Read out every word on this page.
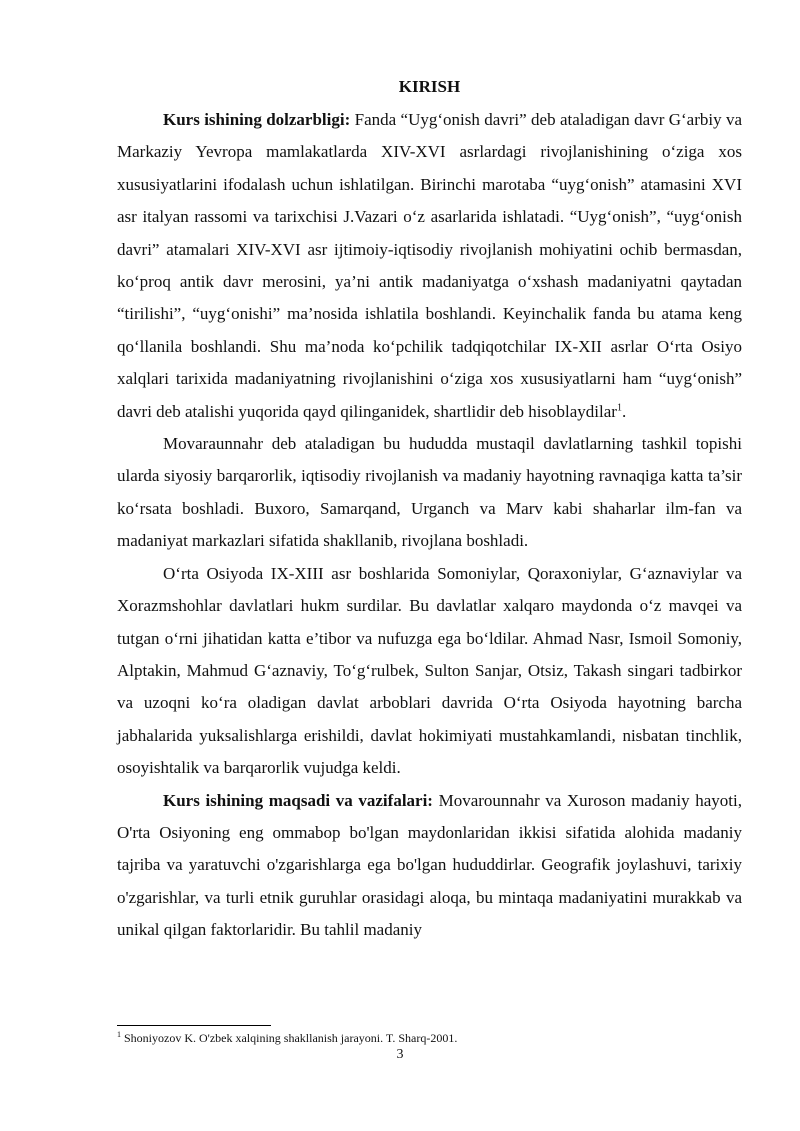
KIRISH

Kurs ishining dolzarbligi: Fanda “Uyg‘onish davri” deb ataladigan davr G‘arbiy va Markaziy Yevropa mamlakatlarda XIV-XVI asrlardagi rivojlanishining o‘ziga xos xususiyatlarini ifodalash uchun ishlatilgan. Birinchi marotaba “uyg‘onish” atamasini XVI asr italyan rassomi va tarixchisi J.Vazari o‘z asarlarida ishlatadi. “Uyg‘onish”, “uyg‘onish davri” atamalari XIV-XVI asr ijtimoiy-iqtisodiy rivojlanish mohiyatini ochib bermasdan, ko‘proq antik davr merosini, ya’ni antik madaniyatga o‘xshash madaniyatni qaytadan “tirilishi”, “uyg‘onishi” ma’nosida ishlatila boshlandi. Keyinchalik fanda bu atama keng qo‘llanila boshlandi. Shu ma’noda ko‘pchilik tadqiqotchilar IX-XII asrlar O‘rta Osiyo xalqlari tarixida madaniyatning rivojlanishini o‘ziga xos xususiyatlarni ham “uyg‘onish” davri deb atalishi yuqorida qayd qilinganidek, shartlidir deb hisoblaydilar$^1$.

Movaraunnahr deb ataladigan bu hududda mustaqil davlatlarning tashkil topishi ularda siyosiy barqarorlik, iqtisodiy rivojlanish va madaniy hayotning ravnaqiga katta ta’sir ko‘rsata boshladi. Buxoro, Samarqand, Urganch va Marv kabi shaharlar ilm-fan va madaniyat markazlari sifatida shakllanib, rivojlana boshladi.

O‘rta Osiyoda IX-XIII asr boshlarida Somoniylar, Qoraxoniylar, G‘aznaviylar va Xorazmshohlar davlatlari hukm surdilar. Bu davlatlar xalqaro maydonda o‘z mavqei va tutgan o‘rni jihatidan katta e’tibor va nufuzga ega bo‘ldilar. Ahmad Nasr, Ismoil Somoniy, Alptakin, Mahmud G‘aznaviy, To‘g‘rulbek, Sulton Sanjar, Otsiz, Takash singari tadbirkor va uzoqni ko‘ra oladigan davlat arboblari davrida O‘rta Osiyoda hayotning barcha jabhalarida yuksalishlarga erishildi, davlat hokimiyati mustahkamlandi, nisbatan tinchlik, osoyishtalik va barqarorlik vujudga keldi.

Kurs ishining maqsadi va vazifalari: Movarounnahr va Xuroson madaniy hayoti, O'rta Osiyoning eng ommabop bo'lgan maydonlaridan ikkisi sifatida alohida madaniy tajriba va yaratuvchi o'zgarishlarga ega bo'lgan hududdirlar. Geografik joylashuvi, tarixiy o'zgarishlar, va turli etnik guruhlar orasidagi aloqa, bu mintaqa madaniyatini murakkab va unikal qilgan faktorlaridir. Bu tahlil madaniy

$^1$ Shoniyozov K. O'zbek xalqining shakllanish jarayoni. T. Sharq-2001.

3
